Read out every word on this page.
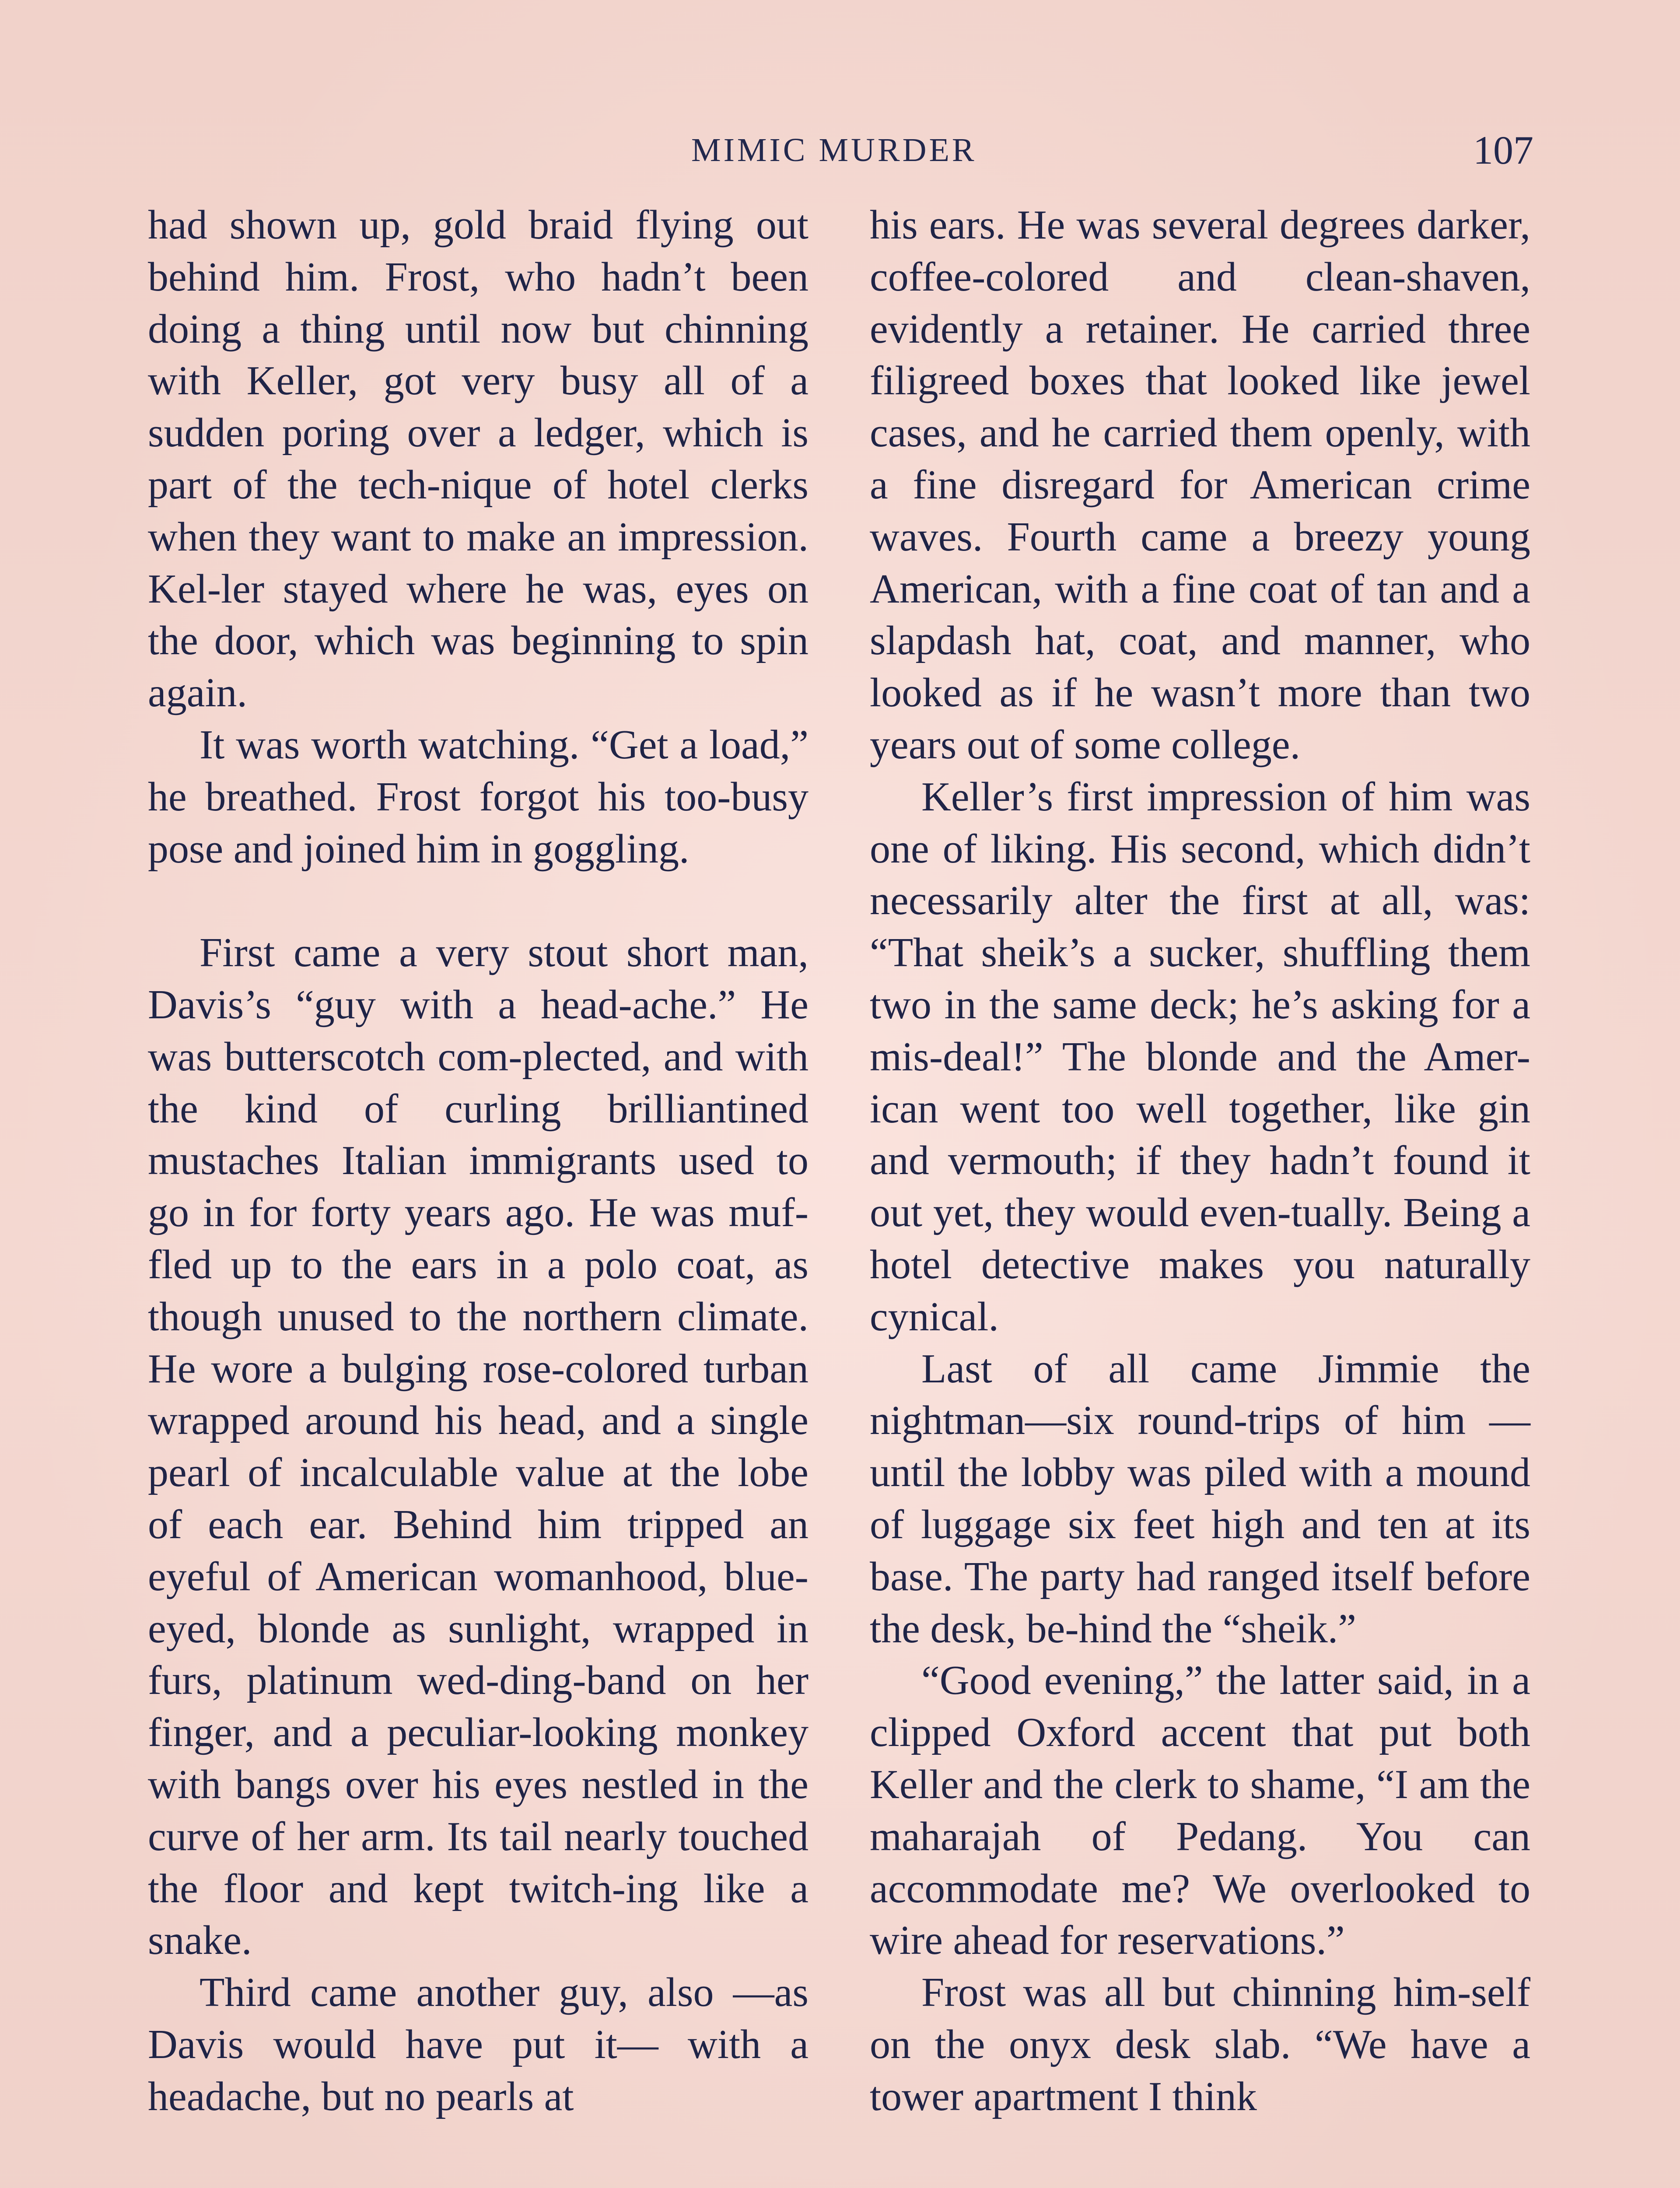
MIMIC MURDER	107

had shown up, gold braid flying out behind him. Frost, who hadn’t been doing a thing until now but chinning with Keller, got very busy all of a sudden poring over a ledger, which is part of the tech-nique of hotel clerks when they want to make an impression. Kel-ler stayed where he was, eyes on the door, which was beginning to spin again.

It was worth watching. “Get a load,” he breathed. Frost forgot his too-busy pose and joined him in goggling.

First came a very stout short man, Davis’s “guy with a head-ache.” He was butterscotch com-plected, and with the kind of curling brilliantined mustaches Italian immigrants used to go in for forty years ago. He was muf-fled up to the ears in a polo coat, as though unused to the northern climate. He wore a bulging rose-colored turban wrapped around his head, and a single pearl of incalculable value at the lobe of each ear. Behind him tripped an eyeful of American womanhood, blue-eyed, blonde as sunlight, wrapped in furs, platinum wed-ding-band on her finger, and a peculiar-looking monkey with bangs over his eyes nestled in the curve of her arm. Its tail nearly touched the floor and kept twitch-ing like a snake.

Third came another guy, also —as Davis would have put it— with a headache, but no pearls at

his ears. He was several degrees darker, coffee-colored and clean-shaven, evidently a retainer. He carried three filigreed boxes that looked like jewel cases, and he carried them openly, with a fine disregard for American crime waves. Fourth came a breezy young American, with a fine coat of tan and a slapdash hat, coat, and manner, who looked as if he wasn’t more than two years out of some college.

Keller’s first impression of him was one of liking. His second, which didn’t necessarily alter the first at all, was: “That sheik’s a sucker, shuffling them two in the same deck; he’s asking for a mis-deal!” The blonde and the Amer-ican went too well together, like gin and vermouth; if they hadn’t found it out yet, they would even-tually. Being a hotel detective makes you naturally cynical.

Last of all came Jimmie the nightman—six round-trips of him —until the lobby was piled with a mound of luggage six feet high and ten at its base. The party had ranged itself before the desk, be-hind the “sheik.”

“Good evening,” the latter said, in a clipped Oxford accent that put both Keller and the clerk to shame, “I am the maharajah of Pedang. You can accommodate me? We overlooked to wire ahead for reservations.”

Frost was all but chinning him-self on the onyx desk slab. “We have a tower apartment I think
